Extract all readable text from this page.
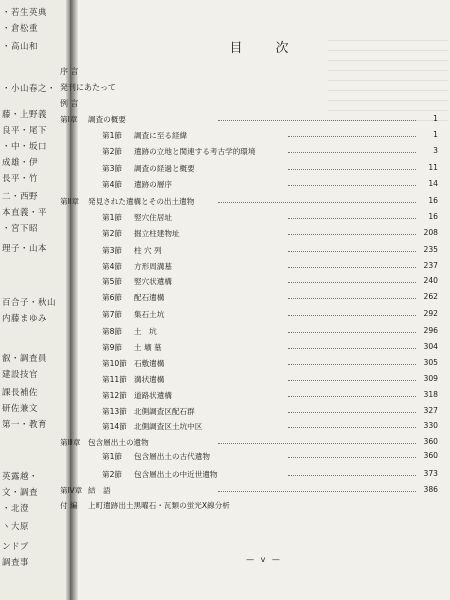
・若生英典
・倉松重
・高山和
・小山春之・
藤・上野義
良平・尾下
・中・坂口
成雄・伊
長平・竹
二・西野
本直義・平
・宮下昭
理子・山本
百合子・秋山
内藤まゆみ
叡・調査員
建設技官
課長補佐
研佐兼文
第一・教育
英露越・
文・調査
・北澄
ヽ大原
ンドブ
調査事
目　次
序 言
発刊にあたって
例 言
第Ⅰ章 調査の概要	1
第1節 調査に至る経緯	1
第2節 遺跡の立地と関連する考古学的環境	3
第3節 調査の経過と概要	11
第4節 遺跡の層序	14
第Ⅱ章 発見された遺構とその出土遺物	16
第1節 竪穴住居址	16
第2節 掘立柱建物址	208
第3節 柱 穴 列	235
第4節 方形周溝墓	237
第5節 竪穴状遺構	240
第6節 配石遺構	262
第7節 集石土坑	292
第8節 土　坑	296
第9節 土 壙 墓	304
第10節 石敷遺構	305
第11節 溝状遺構	309
第12節 道路状遺構	318
第13節 北側調査区配石群	327
第14節 北側調査区土坑中区	330
第Ⅲ章 包含層出土の遺物	360
第1節 包含層出土の古代遺物	360
第2節 包含層出土の中近世遺物	373
第Ⅳ章 結　語	386
付 編 上町遺跡出土黒曜石・瓦類の蛍光X線分析
— v —
